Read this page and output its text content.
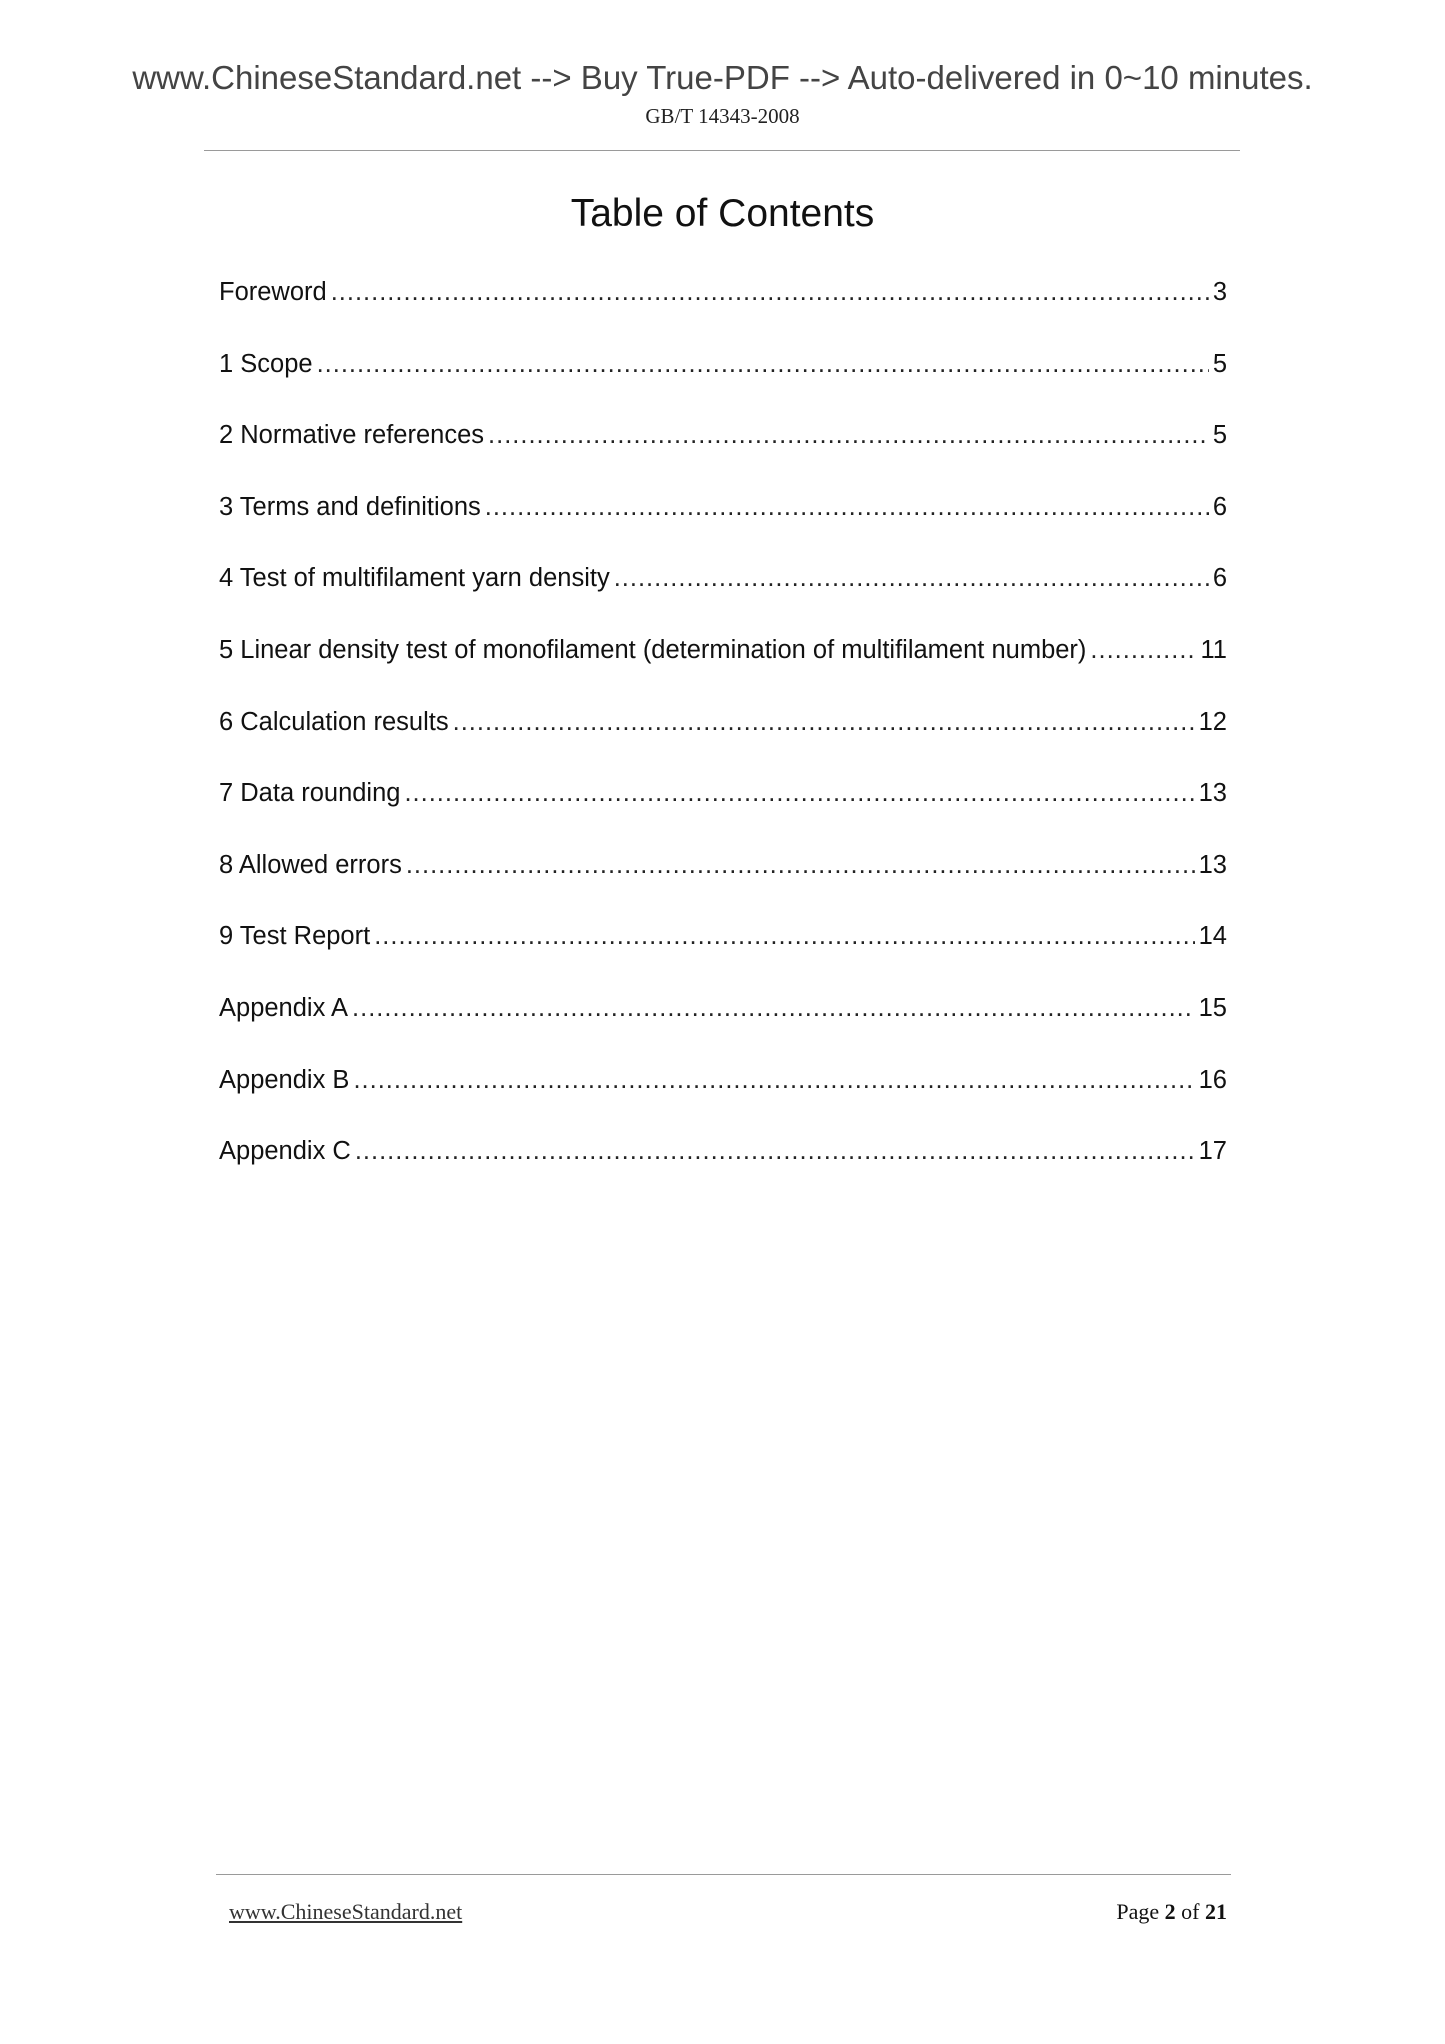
www.ChineseStandard.net --> Buy True-PDF --> Auto-delivered in 0~10 minutes.
GB/T 14343-2008
Table of Contents
Foreword .....	3
1 Scope .....	5
2 Normative references .....	5
3 Terms and definitions .....	6
4 Test of multifilament yarn density .....	6
5 Linear density test of monofilament (determination of multifilament number) .....	11
6 Calculation results .....	12
7 Data rounding .....	13
8 Allowed errors .....	13
9 Test Report .....	14
Appendix A .....	15
Appendix B .....	16
Appendix C .....	17
www.ChineseStandard.net	Page 2 of 21
